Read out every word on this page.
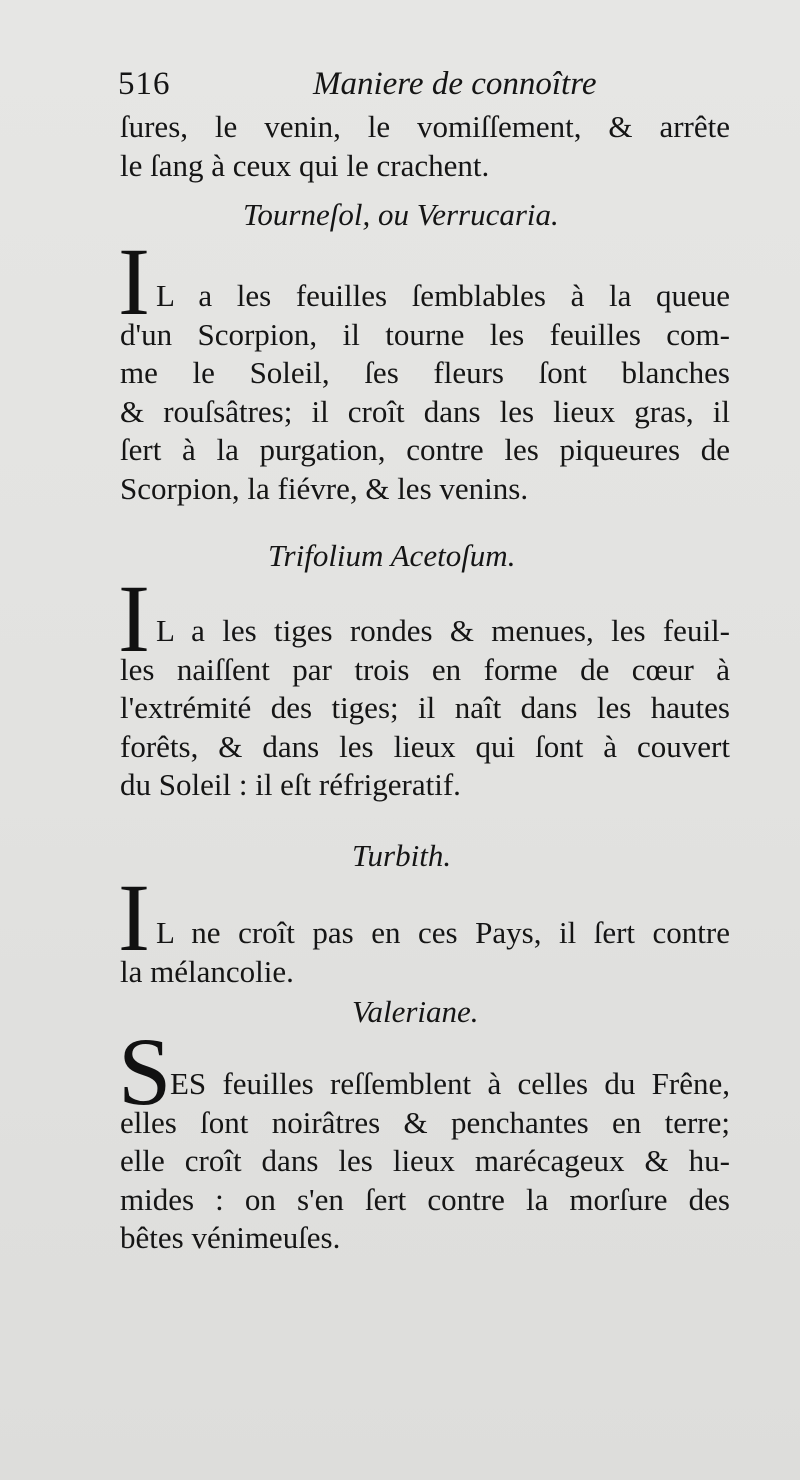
516	Maniere de connoître
ſures, le venin, le vomiſſement, & arrête
le ſang à ceux qui le crachent.
Tourneſol, ou Verrucaria.
I L a les feuilles ſemblables à la queue
d'un Scorpion, il tourne les feuilles com-
me le Soleil, ſes fleurs ſont blanches
& rouſsâtres; il croît dans les lieux gras, il
ſert à la purgation, contre les piqueures de
Scorpion, la fiévre, & les venins.
Trifolium Acetoſum.
I L a les tiges rondes & menues, les feuil-
les naiſſent par trois en forme de cœur à
l'extrémité des tiges; il naît dans les hautes
forêts, & dans les lieux qui ſont à couvert
du Soleil : il eſt réfrigeratif.
Turbith.
I L ne croît pas en ces Pays, il ſert contre
la mélancolie.
Valeriane.
S
ES feuilles reſſemblent à celles du Frêne,
elles ſont noirâtres & penchantes en terre;
elle croît dans les lieux marécageux & hu-
mides : on s'en ſert contre la morſure des
bêtes vénimeuſes.
